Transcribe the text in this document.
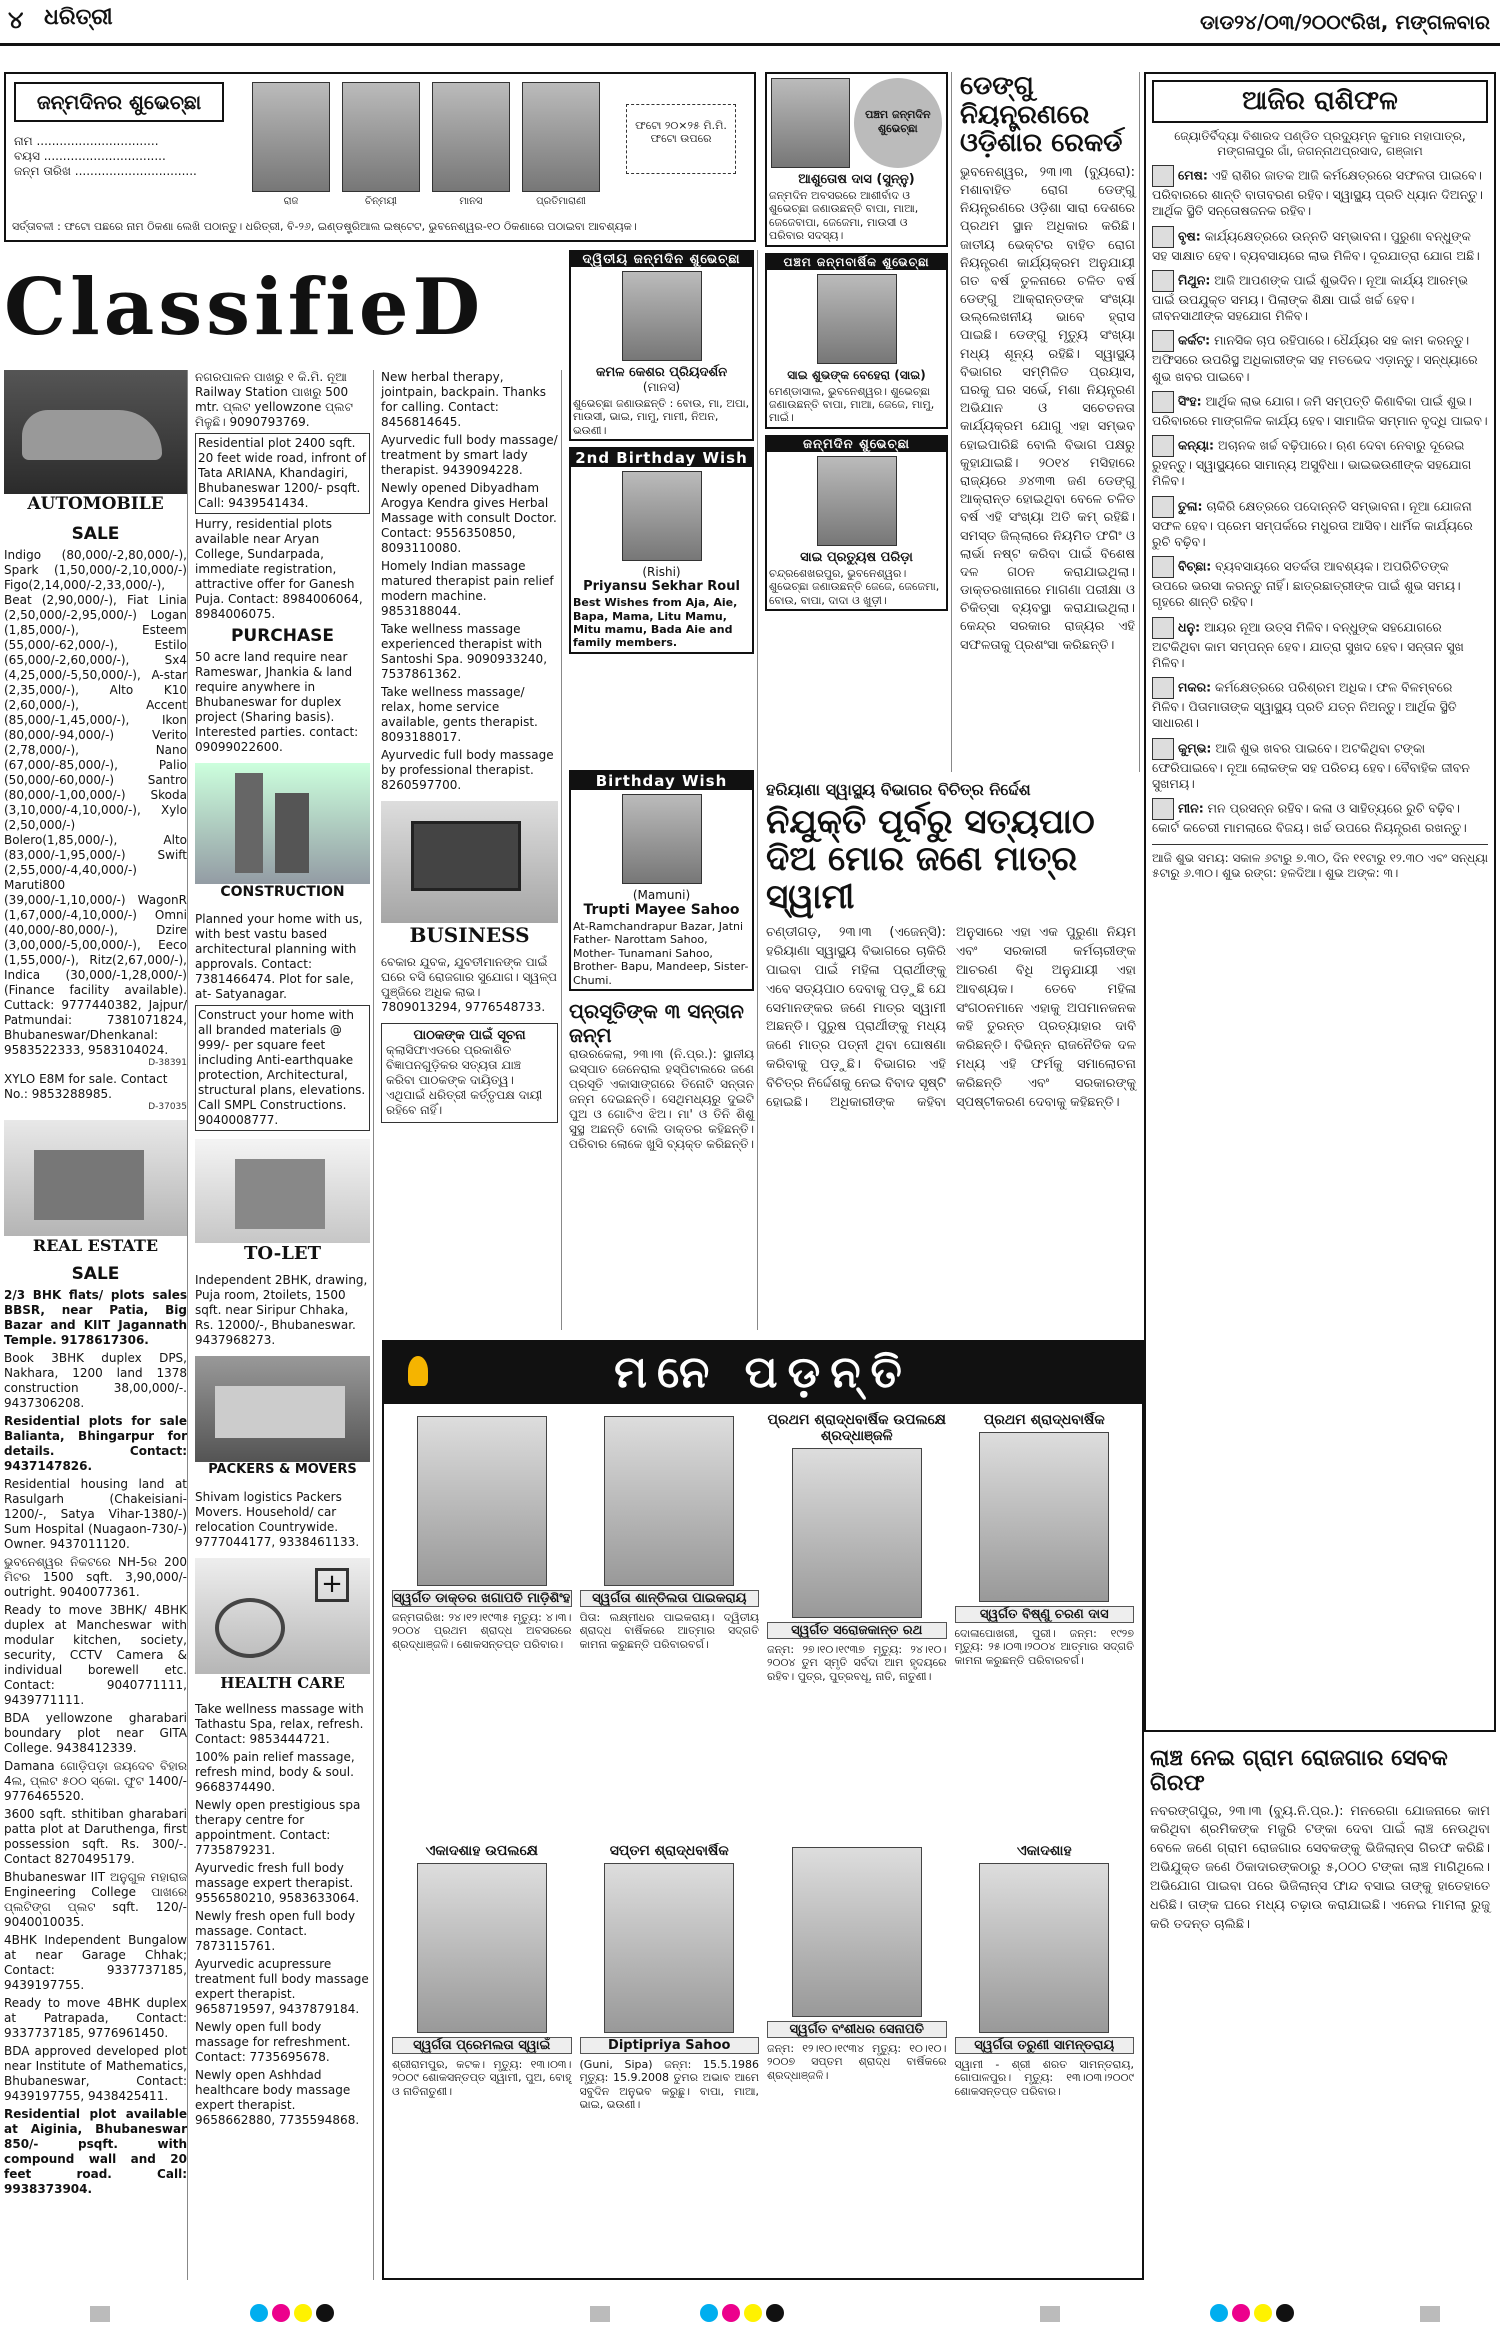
୪ ଧରିତ୍ରୀ	ଡାଡ୨୪/୦୩/୨୦୦୯ରିଖ, ମଙ୍ଗଳବାର
ଜନ୍ମଦିନର ଶୁଭେଚ୍ଛା
ନାମ ................................
ବୟସ ................................
ଜନ୍ମ ତାରିଖ ................................
ରାଜ	ଚିନ୍ମୟୀ	ମାନସ	ପ୍ରତିମାରାଣୀ
ଫଟୋ ୨୦×୨୫ ମି.ମି. ଫଟୋ ଉପରେ
ସର୍ତ୍ତାବଳୀ : ଫଟୋ ପଛରେ ନାମ ଠିକଣା ଲେଖି ପଠାନ୍ତୁ। ଧରିତ୍ରୀ, ବି-୨୬, ଇଣ୍ଡଷ୍ଟ୍ରିଆଲ ଇଷ୍ଟେଟ, ଭୁବନେଶ୍ୱର-୧୦ ଠିକଣାରେ ପଠାଇବା ଆବଶ୍ୟକ।
ClassifieD
AUTOMOBILE
SALE
Indigo (80,000/-2,80,000/-), Spark (1,50,000/-2,10,000/-) Figo(2,14,000/-2,33,000/-), Beat (2,90,000/-), Fiat Linia (2,50,000/-2,95,000/-) Logan (1,85,000/-), Esteem (55,000/-62,000/-), Estilo (65,000/-2,60,000/-), Sx4 (4,25,000/-5,50,000/-), A-star (2,35,000/-), Alto K10 (2,60,000/-), Accent (85,000/-1,45,000/-), Ikon (80,000/-94,000/-) Verito (2,78,000/-), Nano (67,000/-85,000/-), Palio (50,000/-60,000/-) Santro (80,000/-1,00,000/-) Skoda (3,10,000/-4,10,000/-), Xylo (2,50,000/-) Bolero(1,85,000/-), Alto (83,000/-1,95,000/-) Swift (2,55,000/-4,40,000/-) Maruti800 (39,000/-1,10,000/-) WagonR (1,67,000/-4,10,000/-) Omni (40,000/-80,000/-), Dzire (3,00,000/-5,00,000/-), Eeco (1,55,000/-), Ritz(2,67,000/-), Indica (30,000/-1,28,000/-) (Finance facility available). Cuttack: 9777440382, Jajpur/ Patmundai: 7381071824, Bhubaneswar/Dhenkanal: 9583522333, 9583104024.
D-38391
XYLO E8M for sale. Contact No.: 9853288985.
D-37035
REAL ESTATE
SALE
2/3 BHK flats/ plots sales BBSR, near Patia, Big Bazar and KIIT Jagannath Temple. 9178617306.
Book 3BHK duplex DPS, Nakhara, 1200 land 1378 construction 38,00,000/-. 9437306208.
Residential plots for sale Balianta, Bhingarpur for details. Contact: 9437147826.
Residential housing land at Rasulgarh (Chakeisiani-1200/-, Satya Vihar-1380/-) Sum Hospital (Nuagaon-730/-) Owner. 9437011120.
ଭୁବନେଶ୍ୱର ନିକଟରେ NH-5ର 200 ମିଟର 1500 sqft. 3,90,000/- outright. 9040077361.
Ready to move 3BHK/ 4BHK duplex at Mancheswar with modular kitchen, society, security, CCTV Camera & individual borewell etc. Contact: 9040771111, 9439771111.
BDA yellowzone gharabari boundary plot near GITA College. 9438412339.
Damana ଗୋଡ଼ିପଡ଼ା ଜୟଦେବ ବିହାର 4ଲ, ପ୍ଲଟ ୫୦୦ ସ୍କୋ. ଫୁଟ 1400/- 9776465520.
3600 sqft. sthitiban gharabari patta plot at Daruthenga, first possession sqft. Rs. 300/-. Contact 8270495179.
Bhubaneswar IIT ଅନୁଗୁଳ ମହାରାଜ Engineering College ପାଖରେ ପ୍ଲଟିଙ୍ଗ ପ୍ଲଟ sqft. 120/- 9040010035.
4BHK Independent Bungalow at near Garage Chhak; Contact: 9337737185, 9439197755.
Ready to move 4BHK duplex at Patrapada, Contact: 9337737185, 9776961450.
BDA approved developed plot near Institute of Mathematics, Bhubaneswar, Contact: 9439197755, 9438425411.
Residential plot available at Aiginia, Bhubaneswar 850/- psqft. with compound wall and 20 feet road. Call: 9938373904.
ନଗରପାଳନ ପାଖରୁ ୧ କି.ମି. ନୂଆ Railway Station ପାଖରୁ 500 mtr. ପ୍ଲଟ yellowzone ପ୍ଲଟ ମିଳୁଛି। 9090793769.
Residential plot 2400 sqft. 20 feet wide road, infront of Tata ARIANA, Khandagiri, Bhubaneswar 1200/- psqft. Call: 9439541434.
Hurry, residential plots available near Aryan College, Sundarpada, immediate registration, attractive offer for Ganesh Puja. Contact: 8984006064, 8984006075.
PURCHASE
50 acre land require near Rameswar, Jhankia & land require anywhere in Bhubaneswar for duplex project (Sharing basis). Interested parties. contact: 09099022600.
CONSTRUCTION
Planned your home with us, with best vastu based architectural planning with approvals. Contact: 7381466474. Plot for sale, at- Satyanagar.
Construct your home with all branded materials @ 999/- per square feet including Anti-earthquake protection, Architectural, structural plans, elevations. Call SMPL Constructions. 9040008777.
TO-LET
Independent 2BHK, drawing, Puja room, 2toilets, 1500 sqft. near Siripur Chhaka, Rs. 12000/-, Bhubaneswar. 9437968273.
PACKERS & MOVERS
Shivam logistics Packers Movers. Household/ car relocation Countrywide. 9777044177, 9338461133.
+
HEALTH CARE
Take wellness massage with Tathastu Spa, relax, refresh. Contact: 9853444721.
100% pain relief massage, refresh mind, body & soul. 9668374490.
Newly open prestigious spa therapy centre for appointment. Contact: 7735879231.
Ayurvedic fresh full body massage expert therapist. 9556580210, 9583633064.
Newly fresh open full body massage. Contact. 7873115761.
Ayurvedic acupressure treatment full body massage expert therapist. 9658719597, 9437879184.
Newly open full body massage for refreshment. Contact: 7735695678.
Newly open Ashhdad healthcare body massage expert therapist. 9658662880, 7735594868.
New herbal therapy, jointpain, backpain. Thanks for calling. Contact: 8456814645.
Ayurvedic full body massage/ treatment by smart lady therapist. 9439094228.
Newly opened Dibyadham Arogya Kendra gives Herbal Massage with consult Doctor. Contact: 9556350850, 8093110080.
Homely Indian massage matured therapist pain relief modern machine. 9853188044.
Take wellness massage experienced therapist with Santoshi Spa. 9090933240, 7537861362.
Take wellness massage/ relax, home service available, gents therapist. 8093188017.
Ayurvedic full body massage by professional therapist. 8260597700.
BUSINESS
ବେକାର ଯୁବକ, ଯୁବତୀମାନଙ୍କ ପାଇଁ ଘରେ ବସି ରୋଜଗାର ସୁଯୋଗ। ସ୍ୱଳ୍ପ ପୁଞ୍ଜିରେ ଅଧିକ ଲାଭ। 7809013294, 9776548733.
ପାଠକଙ୍କ ପାଇଁ ସୂଚନା
କ୍ଲାସିଫାଏଡରେ ପ୍ରକାଶିତ ବିଜ୍ଞାପନଗୁଡ଼ିକର ସତ୍ୟତା ଯାଞ୍ଚ କରିବା ପାଠକଙ୍କ ଦାୟିତ୍ୱ। ଏଥିପାଇଁ ଧରିତ୍ରୀ କର୍ତ୍ତୃପକ୍ଷ ଦାୟୀ ରହିବେ ନାହିଁ।
ଦ୍ୱିତୀୟ ଜନ୍ମଦିନ ଶୁଭେଚ୍ଛା
କମଳ କେଶର ପ୍ରିୟଦର୍ଶନ
(ମାନସ)
ଶୁଭେଚ୍ଛା ଜଣାଉଛନ୍ତି : ବୋଉ, ମା, ଅପା, ମାଉସୀ, ଭାଇ, ମାମୁ, ମାମୀ, ନିଅନ, ଭଉଣୀ।
2nd Birthday Wish
(Rishi)
Priyansu Sekhar Roul
Best Wishes from Aja, Aie, Bapa, Mama, Litu Mamu, Mitu mamu, Bada Aie and family members.
Birthday Wish
(Mamuni)
Trupti Mayee Sahoo
At-Ramchandrapur Bazar, Jatni Father- Narottam Sahoo, Mother- Tunamani Sahoo, Brother- Bapu, Mandeep, Sister- Chumi.
ପ୍ରସୂତିଙ୍କ ୩ ସନ୍ତାନ ଜନ୍ମ
ରାଉରକେଲା, ୨୩।୩ (ନି.ପ୍ର.): ସ୍ଥାନୀୟ ଇସ୍ପାତ ଜେନେରାଲ ହସ୍ପିଟାଲରେ ଜଣେ ପ୍ରସୂତି ଏକାସାଙ୍ଗରେ ତିନୋଟି ସନ୍ତାନ ଜନ୍ମ ଦେଇଛନ୍ତି। ସେଥିମଧ୍ୟରୁ ଦୁଇଟି ପୁଅ ଓ ଗୋଟିଏ ଝିଅ। ମା' ଓ ତିନି ଶିଶୁ ସୁସ୍ଥ ଅଛନ୍ତି ବୋଲି ଡାକ୍ତର କହିଛନ୍ତି। ପରିବାର ଲୋକେ ଖୁସି ବ୍ୟକ୍ତ କରିଛନ୍ତି।
ପଞ୍ଚମ ଜନ୍ମଦିନ ଶୁଭେଚ୍ଛା
ଆଶୁତୋଷ ଦାସ (ସୁନ୍ନୁ)
ଜନ୍ମଦିନ ଅବସରରେ ଆଶୀର୍ବାଦ ଓ ଶୁଭେଚ୍ଛା ଜଣାଉଛନ୍ତି ବାପା, ମାଆ, ଜେଜେବାପା, ଜେଜେମା, ମାଉସୀ ଓ ପରିବାର ସଦସ୍ୟ।
ପଞ୍ଚମ ଜନ୍ମବାର୍ଷିକ ଶୁଭେଚ୍ଛା
ସାଇ ଶୁଭଙ୍କ ବେହେରା (ସାଇ)
ମେଣ୍ଡାସାଲ, ଭୁବନେଶ୍ୱର। ଶୁଭେଚ୍ଛା ଜଣାଉଛନ୍ତି ବାପା, ମାଆ, ଜେଜେ, ମାମୁ, ମାଇଁ।
ଜନ୍ମଦିନ ଶୁଭେଚ୍ଛା
ସାଇ ପ୍ରତ୍ୟୁଷ ପରିଡ଼ା
ଚନ୍ଦ୍ରଶେଖରପୁର, ଭୁବନେଶ୍ୱର। ଶୁଭେଚ୍ଛା ଜଣାଉଛନ୍ତି ଜେଜେ, ଜେଜେମା, ବୋଉ, ବାପା, ଦାଦା ଓ ଖୁଡ଼ୀ।
ଡେଙ୍ଗୁ ନିୟନ୍ତ୍ରଣରେ ଓଡ଼ିଶାର ରେକର୍ଡ
ଭୁବନେଶ୍ୱର, ୨୩।୩ (ବ୍ୟୁରୋ): ମଶାବାହିତ ରୋଗ ଡେଙ୍ଗୁ ନିୟନ୍ତ୍ରଣରେ ଓଡ଼ିଶା ସାରା ଦେଶରେ ପ୍ରଥମ ସ୍ଥାନ ଅଧିକାର କରିଛି। ଜାତୀୟ ଭେକ୍ଟର ବାହିତ ରୋଗ ନିୟନ୍ତ୍ରଣ କାର୍ଯ୍ୟକ୍ରମ ଅନୁଯାୟୀ ଗତ ବର୍ଷ ତୁଳନାରେ ଚଳିତ ବର୍ଷ ଡେଙ୍ଗୁ ଆକ୍ରାନ୍ତଙ୍କ ସଂଖ୍ୟା ଉଲ୍ଲେଖନୀୟ ଭାବେ ହ୍ରାସ ପାଇଛି। ଡେଙ୍ଗୁ ମୃତ୍ୟୁ ସଂଖ୍ୟା ମଧ୍ୟ ଶୂନ୍ୟ ରହିଛି। ସ୍ୱାସ୍ଥ୍ୟ ବିଭାଗର ସମ୍ମିଳିତ ପ୍ରୟାସ, ଘରକୁ ଘର ସର୍ଭେ, ମଶା ନିୟନ୍ତ୍ରଣ ଅଭିଯାନ ଓ ସଚେତନତା କାର୍ଯ୍ୟକ୍ରମ ଯୋଗୁ ଏହା ସମ୍ଭବ ହୋଇପାରିଛି ବୋଲି ବିଭାଗ ପକ୍ଷରୁ କୁହାଯାଇଛି। ୨୦୧୪ ମସିହାରେ ରାଜ୍ୟରେ ୬୪୩୩ ଜଣ ଡେଙ୍ଗୁ ଆକ୍ରାନ୍ତ ହୋଇଥିବା ବେଳେ ଚଳିତ ବର୍ଷ ଏହି ସଂଖ୍ୟା ଅତି କମ୍ ରହିଛି। ସମସ୍ତ ଜିଲ୍ଲାରେ ନିୟମିତ ଫଗିଂ ଓ ଲାର୍ଭା ନଷ୍ଟ କରିବା ପାଇଁ ବିଶେଷ ଦଳ ଗଠନ କରାଯାଇଥିଲା। ଡାକ୍ତରଖାନାରେ ମାଗଣା ପରୀକ୍ଷା ଓ ଚିକିତ୍ସା ବ୍ୟବସ୍ଥା କରାଯାଇଥିଲା। କେନ୍ଦ୍ର ସରକାର ରାଜ୍ୟର ଏହି ସଫଳତାକୁ ପ୍ରଶଂସା କରିଛନ୍ତି।
ହରିୟାଣା ସ୍ୱାସ୍ଥ୍ୟ ବିଭାଗର ବିଚିତ୍ର ନିର୍ଦ୍ଦେଶ
ନିଯୁକ୍ତି ପୂର୍ବରୁ ସତ୍ୟପାଠ ଦିଅ ମୋର ଜଣେ ମାତ୍ର ସ୍ୱାମୀ
ଚଣ୍ଡୀଗଡ଼, ୨୩।୩ (ଏଜେନ୍ସି): ହରିୟାଣା ସ୍ୱାସ୍ଥ୍ୟ ବିଭାଗରେ ଚାକିରି ପାଇବା ପାଇଁ ମହିଳା ପ୍ରାର୍ଥୀଙ୍କୁ ଏବେ ସତ୍ୟପାଠ ଦେବାକୁ ପଡ଼ୁଛି ଯେ ସେମାନଙ୍କର ଜଣେ ମାତ୍ର ସ୍ୱାମୀ ଅଛନ୍ତି। ପୁରୁଷ ପ୍ରାର୍ଥୀଙ୍କୁ ମଧ୍ୟ ଜଣେ ମାତ୍ର ପତ୍ନୀ ଥିବା ଘୋଷଣା କରିବାକୁ ପଡ଼ୁଛି। ବିଭାଗର ଏହି ବିଚିତ୍ର ନିର୍ଦ୍ଦେଶକୁ ନେଇ ବିବାଦ ସୃଷ୍ଟି ହୋଇଛି। ଅଧିକାରୀଙ୍କ କହିବା ଅନୁସାରେ ଏହା ଏକ ପୁରୁଣା ନିୟମ ଏବଂ ସରକାରୀ କର୍ମଚାରୀଙ୍କ ଆଚରଣ ବିଧି ଅନୁଯାୟୀ ଏହା ଆବଶ୍ୟକ। ତେବେ ମହିଳା ସଂଗଠନମାନେ ଏହାକୁ ଅପମାନଜନକ କହି ତୁରନ୍ତ ପ୍ରତ୍ୟାହାର ଦାବି କରିଛନ୍ତି। ବିଭିନ୍ନ ରାଜନୈତିକ ଦଳ ମଧ୍ୟ ଏହି ଫର୍ମକୁ ସମାଲୋଚନା କରିଛନ୍ତି ଏବଂ ସରକାରଙ୍କୁ ସ୍ପଷ୍ଟୀକରଣ ଦେବାକୁ କହିଛନ୍ତି।
ମନେ ପଡ଼ନ୍ତି
ସ୍ୱର୍ଗତ ଡାକ୍ତର ଖଗାପତି ମାଡ଼ିଶିଂହ
ଜନ୍ମତାରିଖ: ୨୪।୧୨।୧୯୩୫ ମୃତ୍ୟୁ: ୪।୩।୨୦୦୪ ପ୍ରଥମ ଶ୍ରାଦ୍ଧ ଅବସରରେ ଶ୍ରଦ୍ଧାଞ୍ଜଳି। ଶୋକସନ୍ତପ୍ତ ପରିବାର।
ସ୍ୱର୍ଗତା ଶାନ୍ତିଲତା ପାଇକରାୟ
ପିତା: ଲକ୍ଷ୍ମୀଧର ପାଇକରାୟ। ଦ୍ୱିତୀୟ ଶ୍ରାଦ୍ଧ ବାର୍ଷିକରେ ଆତ୍ମାର ସଦ୍ଗତି କାମନା କରୁଛନ୍ତି ପରିବାରବର୍ଗ।
ପ୍ରଥମ ଶ୍ରାଦ୍ଧବାର୍ଷିକ ଉପଲକ୍ଷେ ଶ୍ରଦ୍ଧାଞ୍ଜଳି
ସ୍ୱର୍ଗତ ସରୋଜକାନ୍ତ ରଥ
ଜନ୍ମ: ୨୭।୧୦।୧୯୩୭ ମୃତ୍ୟୁ: ୨୪।୧୦।୨୦୦୪ ତୁମ ସ୍ମୃତି ସର୍ବଦା ଆମ ହୃଦୟରେ ରହିବ। ପୁତ୍ର, ପୁତ୍ରବଧୂ, ନାତି, ନାତୁଣୀ।
ପ୍ରଥମ ଶ୍ରାଦ୍ଧବାର୍ଷିକ
ସ୍ୱର୍ଗତ ବିଷ୍ଣୁ ଚରଣ ଦାସ
ଦୋଳାପୋଖରୀ, ପୁରୀ। ଜନ୍ମ: ୧୯୨୭ ମୃତ୍ୟୁ: ୨୫।୦୩।୨୦୦୪ ଆତ୍ମାର ସଦ୍ଗତି କାମନା କରୁଛନ୍ତି ପରିବାରବର୍ଗ।
ଏକାଦଶାହ ଉପଲକ୍ଷେ
ସ୍ୱର୍ଗତା ପ୍ରେମଲତା ସ୍ୱାଇଁ
ଶ୍ରୀରାମପୁର, କଟକ। ମୃତ୍ୟୁ: ୧୩।୦୩।୨୦୦୯ ଶୋକସନ୍ତପ୍ତ ସ୍ୱାମୀ, ପୁଅ, ବୋହୂ ଓ ନାତିନାତୁଣୀ।
ସପ୍ତମ ଶ୍ରାଦ୍ଧବାର୍ଷିକ
Diptipriya Sahoo
(Guni, Sipa) ଜନ୍ମ: 15.5.1986 ମୃତ୍ୟୁ: 15.9.2008 ତୁମର ଅଭାବ ଆମେ ସବୁଦିନ ଅନୁଭବ କରୁଛୁ। ବାପା, ମାଆ, ଭାଇ, ଭଉଣୀ।
ସ୍ୱର୍ଗତ ବଂଶୀଧର ସେନାପତି
ଜନ୍ମ: ୧୨।୧୦।୧୯୩୪ ମୃତ୍ୟୁ: ୧୦।୧୦।୨୦୦୭ ସପ୍ତମ ଶ୍ରାଦ୍ଧ ବାର୍ଷିକରେ ଶ୍ରଦ୍ଧାଞ୍ଜଳି।
ଏକାଦଶାହ
ସ୍ୱର୍ଗତା ତରୁଣୀ ସାମନ୍ତରାୟ
ସ୍ୱାମୀ - ଶ୍ରୀ ଶରତ ସାମନ୍ତରାୟ, ଗୋପାଳପୁର। ମୃତ୍ୟୁ: ୧୩।୦୩।୨୦୦୯ ଶୋକସନ୍ତପ୍ତ ପରିବାର।
ଆଜିର ରାଶିଫଳ
ଜ୍ୟୋତିର୍ବିଦ୍ୟା ବିଶାରଦ ପଣ୍ଡିତ ପ୍ରଦ୍ୟୁମ୍ନ କୁମାର ମହାପାତ୍ର, ମଙ୍ଗଳାପୁର ଗାଁ, ଜଗନ୍ନାଥପ୍ରସାଦ, ଗଞ୍ଜାମ

ମେଷ: ଏହି ରାଶିର ଜାତକ ଆଜି କର୍ମକ୍ଷେତ୍ରରେ ସଫଳତା ପାଇବେ। ପରିବାରରେ ଶାନ୍ତି ବାତାବରଣ ରହିବ। ସ୍ୱାସ୍ଥ୍ୟ ପ୍ରତି ଧ୍ୟାନ ଦିଅନ୍ତୁ। ଆର୍ଥିକ ସ୍ଥିତି ସନ୍ତୋଷଜନକ ରହିବ।

ବୃଷ: କାର୍ଯ୍ୟକ୍ଷେତ୍ରରେ ଉନ୍ନତି ସମ୍ଭାବନା। ପୁରୁଣା ବନ୍ଧୁଙ୍କ ସହ ସାକ୍ଷାତ ହେବ। ବ୍ୟବସାୟରେ ଲାଭ ମିଳିବ। ଦୂରଯାତ୍ରା ଯୋଗ ଅଛି।

ମିଥୁନ: ଆଜି ଆପଣଙ୍କ ପାଇଁ ଶୁଭଦିନ। ନୂଆ କାର୍ଯ୍ୟ ଆରମ୍ଭ ପାଇଁ ଉପଯୁକ୍ତ ସମୟ। ପିଲାଙ୍କ ଶିକ୍ଷା ପାଇଁ ଖର୍ଚ୍ଚ ହେବ। ଜୀବନସାଥୀଙ୍କ ସହଯୋଗ ମିଳିବ।

କର୍କଟ: ମାନସିକ ଚାପ ରହିପାରେ। ଧୈର୍ଯ୍ୟର ସହ କାମ କରନ୍ତୁ। ଅଫିସରେ ଉପରିସ୍ଥ ଅଧିକାରୀଙ୍କ ସହ ମତଭେଦ ଏଡ଼ାନ୍ତୁ। ସନ୍ଧ୍ୟାରେ ଶୁଭ ଖବର ପାଇବେ।

ସିଂହ: ଆର୍ଥିକ ଲାଭ ଯୋଗ। ଜମି ସମ୍ପତ୍ତି କିଣାବିକା ପାଇଁ ଶୁଭ। ପରିବାରରେ ମାଙ୍ଗଳିକ କାର୍ଯ୍ୟ ହେବ। ସାମାଜିକ ସମ୍ମାନ ବୃଦ୍ଧି ପାଇବ।

କନ୍ୟା: ଅଚାନକ ଖର୍ଚ୍ଚ ବଢ଼ିପାରେ। ଋଣ ଦେବା ନେବାରୁ ଦୂରେଇ ରୁହନ୍ତୁ। ସ୍ୱାସ୍ଥ୍ୟରେ ସାମାନ୍ୟ ଅସୁବିଧା। ଭାଇଭଉଣୀଙ୍କ ସହଯୋଗ ମିଳିବ।

ତୁଳା: ଚାକିରି କ୍ଷେତ୍ରରେ ପଦୋନ୍ନତି ସମ୍ଭାବନା। ନୂଆ ଯୋଜନା ସଫଳ ହେବ। ପ୍ରେମ ସମ୍ପର୍କରେ ମଧୁରତା ଆସିବ। ଧାର୍ମିକ କାର୍ଯ୍ୟରେ ରୁଚି ବଢ଼ିବ।

ବିଚ୍ଛା: ବ୍ୟବସାୟରେ ସତର୍କତା ଆବଶ୍ୟକ। ଅପରିଚିତଙ୍କ ଉପରେ ଭରସା କରନ୍ତୁ ନାହିଁ। ଛାତ୍ରଛାତ୍ରୀଙ୍କ ପାଇଁ ଶୁଭ ସମୟ। ଗୃହରେ ଶାନ୍ତି ରହିବ।

ଧନୁ: ଆୟର ନୂଆ ଉତ୍ସ ମିଳିବ। ବନ୍ଧୁଙ୍କ ସହଯୋଗରେ ଅଟକିଥିବା କାମ ସମ୍ପନ୍ନ ହେବ। ଯାତ୍ରା ସୁଖଦ ହେବ। ସନ୍ତାନ ସୁଖ ମିଳିବ।

ମକର: କର୍ମକ୍ଷେତ୍ରରେ ପରିଶ୍ରମ ଅଧିକ। ଫଳ ବିଳମ୍ବରେ ମିଳିବ। ପିତାମାତାଙ୍କ ସ୍ୱାସ୍ଥ୍ୟ ପ୍ରତି ଯତ୍ନ ନିଅନ୍ତୁ। ଆର୍ଥିକ ସ୍ଥିତି ସାଧାରଣ।

କୁମ୍ଭ: ଆଜି ଶୁଭ ଖବର ପାଇବେ। ଅଟକିଥିବା ଟଙ୍କା ଫେରିପାଇବେ। ନୂଆ ଲୋକଙ୍କ ସହ ପରିଚୟ ହେବ। ବୈବାହିକ ଜୀବନ ସୁଖମୟ।

ମୀନ: ମନ ପ୍ରସନ୍ନ ରହିବ। କଳା ଓ ସାହିତ୍ୟରେ ରୁଚି ବଢ଼ିବ। କୋର୍ଟ କଚେରୀ ମାମଲାରେ ବିଜୟ। ଖର୍ଚ୍ଚ ଉପରେ ନିୟନ୍ତ୍ରଣ ରଖନ୍ତୁ।

ଆଜି ଶୁଭ ସମୟ: ସକାଳ ୬ଟାରୁ ୭.୩୦, ଦିନ ୧୧ଟାରୁ ୧୨.୩୦ ଏବଂ ସନ୍ଧ୍ୟା ୫ଟାରୁ ୬.୩୦। ଶୁଭ ରଙ୍ଗ: ହଳଦିଆ। ଶୁଭ ଅଙ୍କ: ୩।
ଲାଞ୍ଚ ନେଇ ଗ୍ରାମ ରୋଜଗାର ସେବକ ଗିରଫ
ନବରଙ୍ଗପୁର, ୨୩।୩ (ବ୍ୟୁ.ନି.ପ୍ର.): ମନରେଗା ଯୋଜନାରେ କାମ କରିଥିବା ଶ୍ରମିକଙ୍କ ମଜୁରି ଟଙ୍କା ଦେବା ପାଇଁ ଲାଞ୍ଚ ନେଉଥିବା ବେଳେ ଜଣେ ଗ୍ରାମ ରୋଜଗାର ସେବକଙ୍କୁ ଭିଜିଲାନ୍ସ ଗିରଫ କରିଛି। ଅଭିଯୁକ୍ତ ଜଣେ ଠିକାଦାରଙ୍କଠାରୁ ୫,୦୦୦ ଟଙ୍କା ଲାଞ୍ଚ ମାଗିଥିଲେ। ଅଭିଯୋଗ ପାଇବା ପରେ ଭିଜିଲାନ୍ସ ଫାନ୍ଦ ବସାଇ ତାଙ୍କୁ ହାତେହାତେ ଧରିଛି। ତାଙ୍କ ଘରେ ମଧ୍ୟ ଚଢ଼ାଉ କରାଯାଇଛି। ଏନେଇ ମାମଲା ରୁଜୁ କରି ତଦନ୍ତ ଚାଲିଛି।
